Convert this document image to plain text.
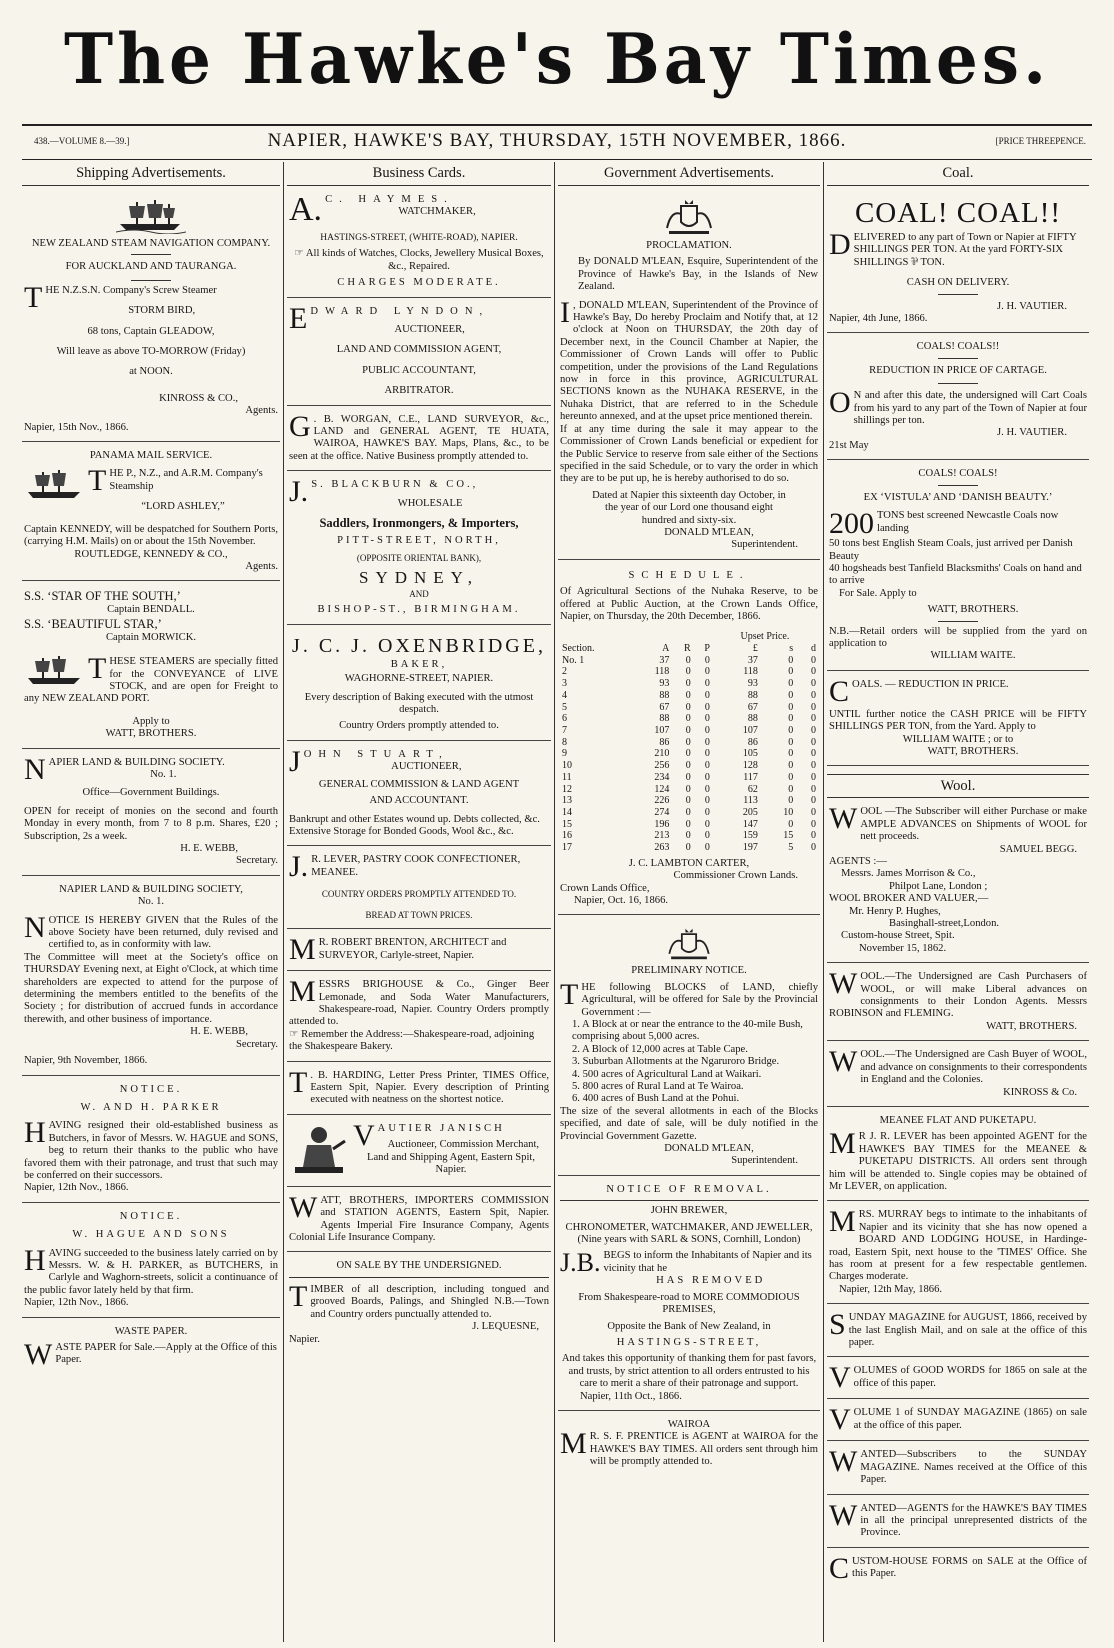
The Hawke's Bay Times.
438.—VOLUME 8.—39.]	NAPIER, HAWKE'S BAY, THURSDAY, 15TH NOVEMBER, 1866.	[PRICE THREEPENCE.
Shipping Advertisements.
NEW ZEALAND STEAM NAVIGATION COMPANY.
FOR AUCKLAND AND TAURANGA.

THE N.Z.S.N. Company's Screw Steamer

STORM BIRD,
68 tons, Captain GLEADOW,
Will leave as above TO-MORROW (Friday)
at NOON.
KINROSS & CO.,
Agents.
Napier, 15th Nov., 1866.
PANAMA MAIL SERVICE.

THE P., N.Z., and A.R.M. Company's Steamship

“LORD ASHLEY,”

Captain KENNEDY, will be despatched for Southern Ports, (carrying H.M. Mails) on or about the 15th November.

ROUTLEDGE, KENNEDY & CO.,
Agents.
S.S. ‘STAR OF THE SOUTH,’
Captain BENDALL.
S.S. ‘BEAUTIFUL STAR,’
Captain MORWICK.

THESE STEAMERS are specially fitted for the CONVEYANCE of LIVE STOCK, and are open for Freight to any NEW ZEALAND PORT.

Apply to
WATT, BROTHERS.

NAPIER LAND & BUILDING SOCIETY.

No. 1.
Office—Government Buildings.

OPEN for receipt of monies on the second and fourth Monday in every month, from 7 to 8 p.m. Shares, £20 ; Subscription, 2s a week.

H. E. WEBB,
Secretary.
NAPIER LAND & BUILDING SOCIETY,
No. 1.

NOTICE IS HEREBY GIVEN that the Rules of the above Society have been returned, duly revised and certified to, as in conformity with law.

The Committee will meet at the Society's office on THURSDAY Evening next, at Eight o'Clock, at which time shareholders are expected to attend for the purpose of determining the members entitled to the benefits of the Society ; for distribution of accrued funds in accordance therewith, and other business of importance.

H. E. WEBB,
Secretary.
Napier, 9th November, 1866.
NOTICE.
W. AND H. PARKER

HAVING resigned their old-established business as Butchers, in favor of Messrs. W. HAGUE and SONS, beg to return their thanks to the public who have favored them with their patronage, and trust that such may be conferred on their successors.

Napier, 12th Nov., 1866.
NOTICE.
W. HAGUE AND SONS

HAVING succeeded to the business lately carried on by Messrs. W. & H. PARKER, as BUTCHERS, in Carlyle and Waghorn-streets, solicit a continuance of the public favor lately held by that firm.

Napier, 12th Nov., 1866.
WASTE PAPER.

WASTE PAPER for Sale.—Apply at the Office of this Paper.

Business Cards.

A. C. HAYMES.

WATCHMAKER,
HASTINGS-STREET, (WHITE-ROAD), NAPIER.
☞ All kinds of Watches, Clocks, Jewellery Musical Boxes, &c., Repaired.
CHARGES MODERATE.

EDWARD LYNDON,

AUCTIONEER,
LAND AND COMMISSION AGENT,
PUBLIC ACCOUNTANT,
ARBITRATOR.

G . B. WORGAN, C.E., LAND SURVEYOR, &c., LAND and GENERAL AGENT, TE HUATA, WAIROA, HAWKE'S BAY. Maps, Plans, &c., to be seen at the office. Native Business promptly attended to.

J. S. BLACKBURN & CO.,

WHOLESALE
Saddlers, Ironmongers, & Importers,
PITT-STREET, NORTH,
(OPPOSITE ORIENTAL BANK),
SYDNEY,
AND
BISHOP-ST., BIRMINGHAM.
J. C. J. OXENBRIDGE,
BAKER,
WAGHORNE-STREET, NAPIER.
Every description of Baking executed with the utmost despatch.
Country Orders promptly attended to.

JOHN STUART,

AUCTIONEER,
GENERAL COMMISSION & LAND AGENT
AND ACCOUNTANT.

Bankrupt and other Estates wound up. Debts collected, &c.

Extensive Storage for Bonded Goods, Wool &c., &c.

J. R. LEVER, PASTRY COOK CONFECTIONER, MEANEE.

COUNTRY ORDERS PROMPTLY ATTENDED TO.
BREAD AT TOWN PRICES.

M R. ROBERT BRENTON, ARCHITECT and SURVEYOR, Carlyle-street, Napier.

MESSRS BRIGHOUSE & Co., Ginger Beer Lemonade, and Soda Water Manufacturers, Shakespeare-road, Napier. Country Orders promptly attended to.

☞ Remember the Address:—Shakespeare-road, adjoining the Shakespeare Bakery.

T . B. HARDING, Letter Press Printer, TIMES Office, Eastern Spit, Napier. Every description of Printing executed with neatness on the shortest notice.

VAUTIER JANISCH

Auctioneer, Commission Merchant, Land and Shipping Agent, Eastern Spit, Napier.

WATT, BROTHERS, IMPORTERS COMMISSION and STATION AGENTS, Eastern Spit, Napier. Agents Imperial Fire Insurance Company, Agents Colonial Life Insurance Company.

ON SALE BY THE UNDERSIGNED.

TIMBER of all description, including tongued and grooved Boards, Palings, and Shingled N.B.—Town and Country orders punctually attended to.

J. LEQUESNE,
Napier.
Government Advertisements.
PROCLAMATION.

By DONALD M'LEAN, Esquire, Superintendent of the Province of Hawke's Bay, in the Islands of New Zealand.

I , DONALD M'LEAN, Superintendent of the Province of Hawke's Bay, Do hereby Proclaim and Notify that, at 12 o'clock at Noon on THURSDAY, the 20th day of December next, in the Council Chamber at Napier, the Commissioner of Crown Lands will offer to Public competition, under the provisions of the Land Regulations now in force in this province, AGRICULTURAL SECTIONS known as the NUHAKA RESERVE, in the Nuhaka District, that are referred to in the Schedule hereunto annexed, and at the upset price mentioned therein.

If at any time during the sale it may appear to the Commissioner of Crown Lands beneficial or expedient for the Public Service to reserve from sale either of the Sections specified in the said Schedule, or to vary the order in which they are to be put up, he is hereby authorised to do so.

Dated at Napier this sixteenth day October, in the year of our Lord one thousand eight hundred and sixty-six.

DONALD M'LEAN,
Superintendent.
SCHEDULE.

Of Agricultural Sections of the Nuhaka Reserve, to be offered at Public Auction, at the Crown Lands Office, Napier, on Thursday, the 20th December, 1866.

				Upset Price.		
Section.	A	R	P	£	s	d
No. 1	37	0	0	37	0	0
2	118	0	0	118	0	0
3	93	0	0	93	0	0
4	88	0	0	88	0	0
5	67	0	0	67	0	0
6	88	0	0	88	0	0
7	107	0	0	107	0	0
8	86	0	0	86	0	0
9	210	0	0	105	0	0
10	256	0	0	128	0	0
11	234	0	0	117	0	0
12	124	0	0	62	0	0
13	226	0	0	113	0	0
14	274	0	0	205	10	0
15	196	0	0	147	0	0
16	213	0	0	159	15	0
17	263	0	0	197	5	0
J. C. LAMBTON CARTER,
Commissioner Crown Lands.
Crown Lands Office,
Napier, Oct. 16, 1866.
PRELIMINARY NOTICE.

THE following BLOCKS of LAND, chiefly Agricultural, will be offered for Sale by the Provincial Government :—

1. A Block at or near the entrance to the 40-mile Bush, comprising about 5,000 acres.

2. A Block of 12,000 acres at Table Cape.

3. Suburban Allotments at the Ngaruroro Bridge.

4. 500 acres of Agricultural Land at Waikari.

5. 800 acres of Rural Land at Te Wairoa.

6. 400 acres of Bush Land at the Pohui.

The size of the several allotments in each of the Blocks specified, and date of sale, will be duly notified in the Provincial Government Gazette.

DONALD M'LEAN,
Superintendent.
NOTICE OF REMOVAL.
JOHN BREWER,
CHRONOMETER, WATCHMAKER, AND JEWELLER,
(Nine years with SARL & SONS, Cornhill, London)

J.B. BEGS to inform the Inhabitants of Napier and its vicinity that he

HAS REMOVED
From Shakespeare-road to MORE COMMODIOUS PREMISES,
Opposite the Bank of New Zealand, in
HASTINGS-STREET,

And takes this opportunity of thanking them for past favors, and trusts, by strict attention to all orders entrusted to his care to merit a share of their patronage and support.

Napier, 11th Oct., 1866.
WAIROA

M R. S. F. PRENTICE is AGENT at WAIROA for the HAWKE'S BAY TIMES. All orders sent through him will be promptly attended to.

Coal.
COAL! COAL!!

DELIVERED to any part of Town or Napier at FIFTY SHILLINGS PER TON. At the yard FORTY-SIX SHILLINGS ⅌ TON.

CASH ON DELIVERY.
J. H. VAUTIER.
Napier, 4th June, 1866.
COALS! COALS!!
REDUCTION IN PRICE OF CARTAGE.

O N and after this date, the undersigned will Cart Coals from his yard to any part of the Town of Napier at four shillings per ton.

J. H. VAUTIER.
21st May
COALS! COALS!
EX ‘VISTULA’ AND ‘DANISH BEAUTY.’

200 TONS best screened Newcastle Coals now landing

50 tons best English Steam Coals, just arrived per Danish Beauty

40 hogsheads best Tanfield Blacksmiths' Coals on hand and to arrive

For Sale. Apply to

WATT, BROTHERS.

N.B.—Retail orders will be supplied from the yard on application to

WILLIAM WAITE.

COALS. — REDUCTION IN PRICE.

UNTIL further notice the CASH PRICE will be FIFTY SHILLINGS PER TON, from the Yard. Apply to

WILLIAM WAITE ; or to
WATT, BROTHERS.
Wool.

WOOL —The Subscriber will either Purchase or make AMPLE ADVANCES on Shipments of WOOL for nett proceeds.

SAMUEL BEGG.
AGENTS :—
Messrs. James Morrison & Co.,
Philpot Lane, London ;
WOOL BROKER AND VALUER,—
Mr. Henry P. Hughes,
Basinghall-street,London.
Custom-house Street, Spit.
November 15, 1862.

WOOL.—The Undersigned are Cash Purchasers of WOOL, or will make Liberal advances on consignments to their London Agents. Messrs ROBINSON and FLEMING.

WATT, BROTHERS.

WOOL.—The Undersigned are Cash Buyer of WOOL, and advance on consignments to their correspondents in England and the Colonies.

KINROSS & Co.
MEANEE FLAT AND PUKETAPU.

M R J. R. LEVER has been appointed AGENT for the HAWKE'S BAY TIMES for the MEANEE & PUKETAPU DISTRICTS. All orders sent through him will be attended to. Single copies may be obtained of Mr LEVER, on application.

MRS. MURRAY begs to intimate to the inhabitants of Napier and its vicinity that she has now opened a BOARD AND LODGING HOUSE, in Hardinge-road, Eastern Spit, next house to the 'TIMES' Office. She has room at present for a few respectable gentlemen. Charges moderate.

Napier, 12th May, 1866.

SUNDAY MAGAZINE for AUGUST, 1866, received by the last English Mail, and on sale at the office of this paper.

VOLUMES of GOOD WORDS for 1865 on sale at the office of this paper.

VOLUME 1 of SUNDAY MAGAZINE (1865) on sale at the office of this paper.

WANTED—Subscribers to the SUNDAY MAGAZINE. Names received at the Office of this Paper.

WANTED—AGENTS for the HAWKE'S BAY TIMES in all the principal unrepresented districts of the Province.

CUSTOM-HOUSE FORMS on SALE at the Office of this Paper.
